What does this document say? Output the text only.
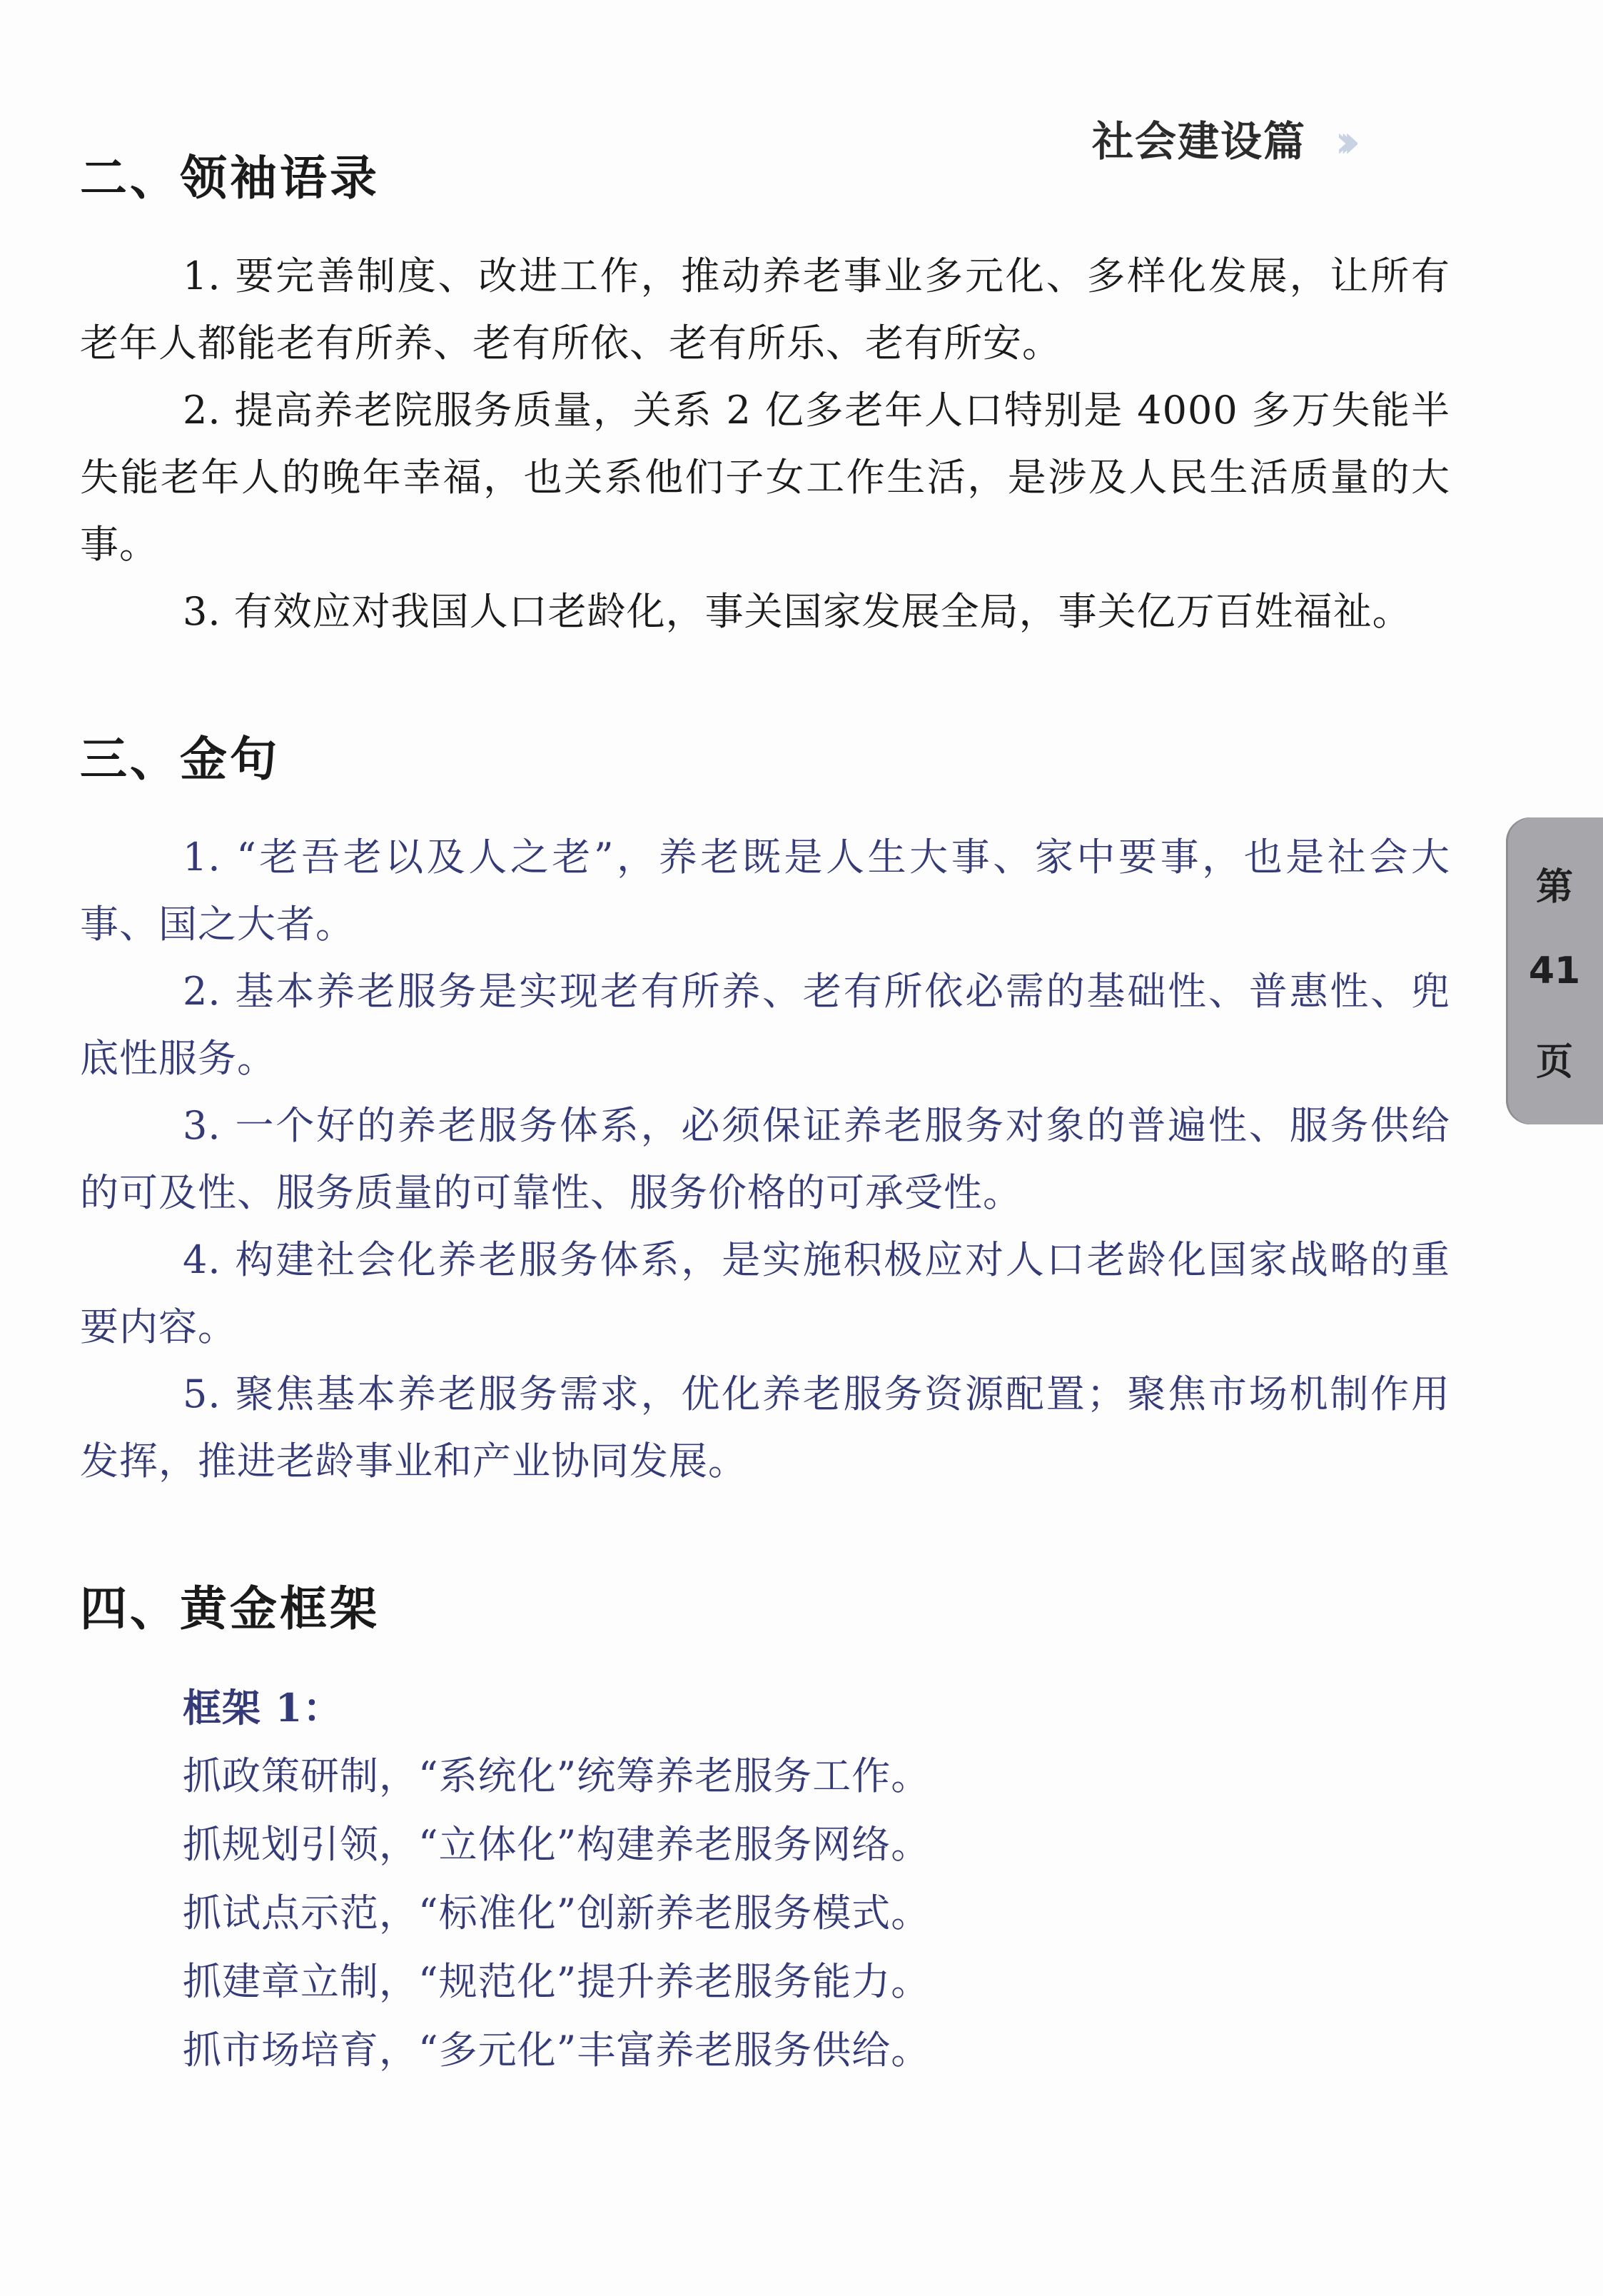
社会建设篇 ›››
第
41
页
二、领袖语录

1. 要完善制度、改进工作，推动养老事业多元化、多样化发展，让所有老年人都能老有所养、老有所依、老有所乐、老有所安。

2. 提高养老院服务质量，关系 2 亿多老年人口特别是 4000 多万失能半失能老年人的晚年幸福，也关系他们子女工作生活，是涉及人民生活质量的大事。

3. 有效应对我国人口老龄化，事关国家发展全局，事关亿万百姓福祉。

三、金句

1. “老吾老以及人之老”，养老既是人生大事、家中要事，也是社会大事、国之大者。

2. 基本养老服务是实现老有所养、老有所依必需的基础性、普惠性、兜底性服务。

3. 一个好的养老服务体系，必须保证养老服务对象的普遍性、服务供给的可及性、服务质量的可靠性、服务价格的可承受性。

4. 构建社会化养老服务体系，是实施积极应对人口老龄化国家战略的重要内容。

5. 聚焦基本养老服务需求，优化养老服务资源配置；聚焦市场机制作用发挥，推进老龄事业和产业协同发展。

四、黄金框架
框架 1：
抓政策研制，“系统化”统筹养老服务工作。
抓规划引领，“立体化”构建养老服务网络。
抓试点示范，“标准化”创新养老服务模式。
抓建章立制，“规范化”提升养老服务能力。
抓市场培育，“多元化”丰富养老服务供给。
